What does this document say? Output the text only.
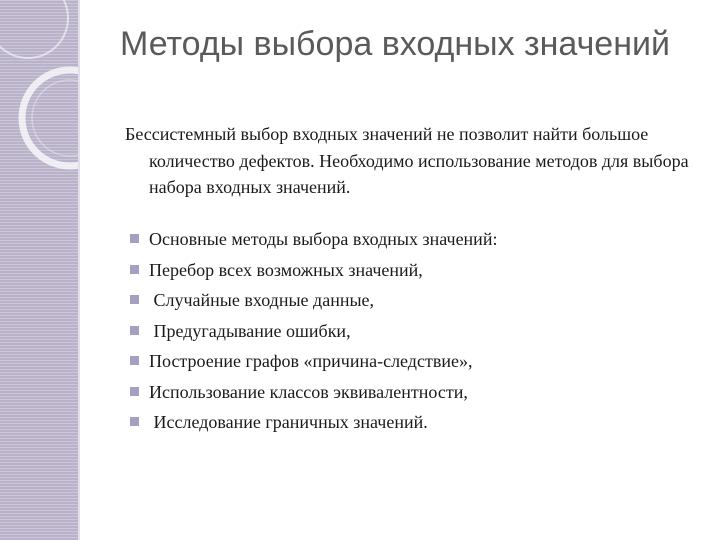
Методы выбора входных значений
Бессистемный выбор входных значений не позволит найти большое количество дефектов. Необходимо использование методов для выбора набора входных значений.
Основные методы выбора входных значений:
Перебор всех возможных значений,
Случайные входные данные,
Предугадывание ошибки,
Построение графов «причина-следствие»,
Использование классов эквивалентности,
Исследование граничных значений.
